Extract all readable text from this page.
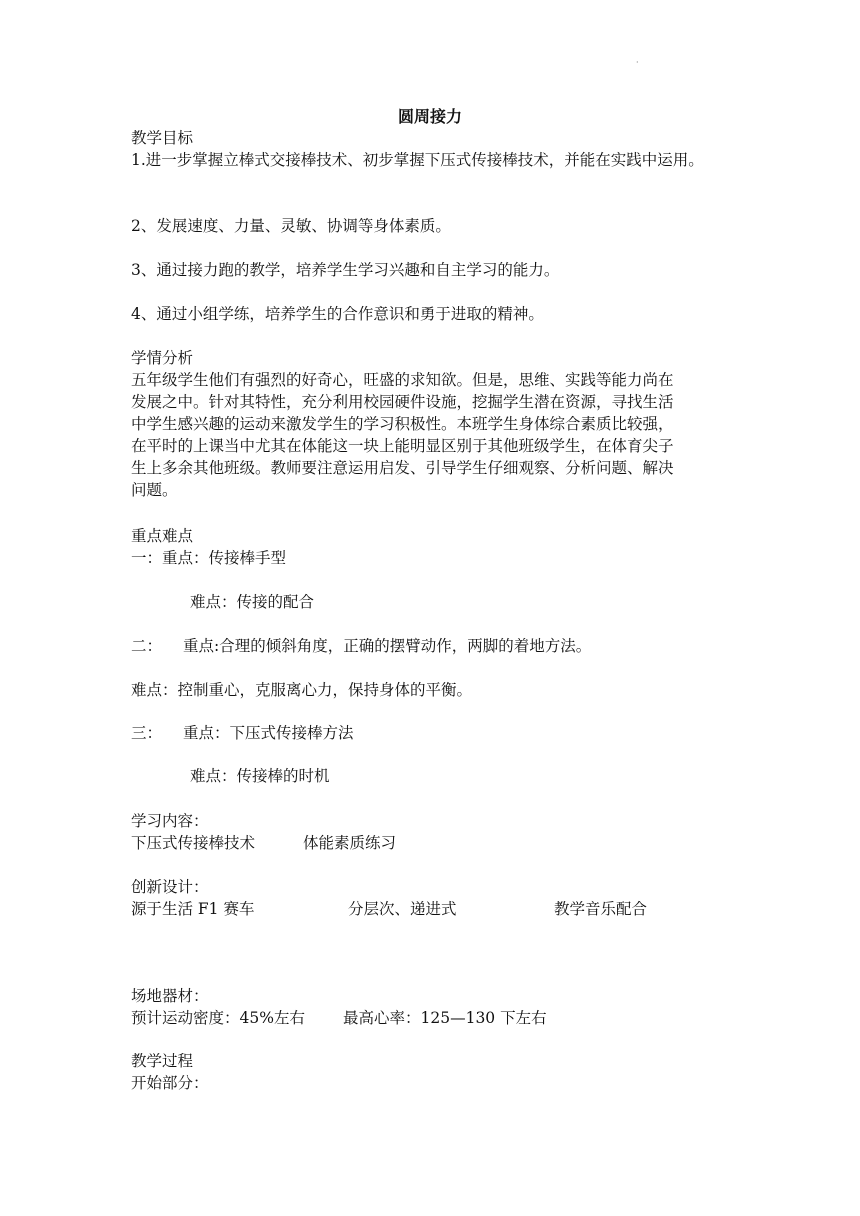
·
圆周接力
教学目标
1.进一步掌握立棒式交接棒技术、初步掌握下压式传接棒技术，并能在实践中运用。
2、发展速度、力量、灵敏、协调等身体素质。
3、通过接力跑的教学，培养学生学习兴趣和自主学习的能力。
4、通过小组学练，培养学生的合作意识和勇于进取的精神。
学情分析
五年级学生他们有强烈的好奇心，旺盛的求知欲。但是，思维、实践等能力尚在
发展之中。针对其特性，充分利用校园硬件设施，挖掘学生潜在资源，寻找生活
中学生感兴趣的运动来激发学生的学习积极性。本班学生身体综合素质比较强，
在平时的上课当中尤其在体能这一块上能明显区别于其他班级学生，在体育尖子
生上多余其他班级。教师要注意运用启发、引导学生仔细观察、分析问题、解决
问题。
重点难点
一：重点：传接棒手型
难点：传接的配合
二： 重点:合理的倾斜角度，正确的摆臂动作，两脚的着地方法。
难点：控制重心，克服离心力，保持身体的平衡。
三： 重点：下压式传接棒方法
难点：传接棒的时机
学习内容：
下压式传接棒技术	体能素质练习
创新设计：
源于生活 F1 赛车	分层次、递进式	教学音乐配合
场地器材：
预计运动密度：45%左右 最高心率：125—130 下左右
教学过程
开始部分：
